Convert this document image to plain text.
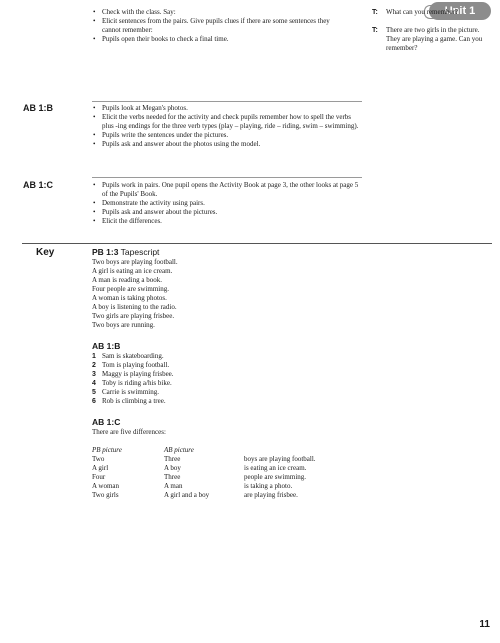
Unit 1
• Check with the class. Say:
• Elicit sentences from the pairs. Give pupils clues if there are some sentences they cannot remember:
• Pupils open their books to check a final time.
T: What can you remember?
T: There are two girls in the picture. They are playing a game. Can you remember?
AB 1:B	• Pupils look at Megan's photos.
• Elicit the verbs needed for the activity and check pupils remember how to spell the verbs plus -ing endings for the three verb types (play – playing, ride – riding, swim – swimming).
• Pupils write the sentences under the pictures.
• Pupils ask and answer about the photos using the model.
AB 1:C	• Pupils work in pairs. One pupil opens the Activity Book at page 3, the other looks at page 5 of the Pupils' Book.
• Demonstrate the activity using pairs.
• Pupils ask and answer about the pictures.
• Elicit the differences.
Key	PB 1:3 Tapescript
Two boys are playing football.
A girl is eating an ice cream.
A man is reading a book.
Four people are swimming.
A woman is taking photos.
A boy is listening to the radio.
Two girls are playing frisbee.
Two boys are running.
AB 1:B
1 Sam is skateboarding.
2 Tom is playing football.
3 Maggy is playing frisbee.
4 Toby is riding a/his bike.
5 Carrie is swimming.
6 Rob is climbing a tree.
AB 1:C
There are five differences:
PB picture	AB picture	
Two	Three	boys are playing football.
A girl	A boy	is eating an ice cream.
Four	Three	people are swimming.
A woman	A man	is taking a photo.
Two girls	A girl and a boy	are playing frisbee.
11
